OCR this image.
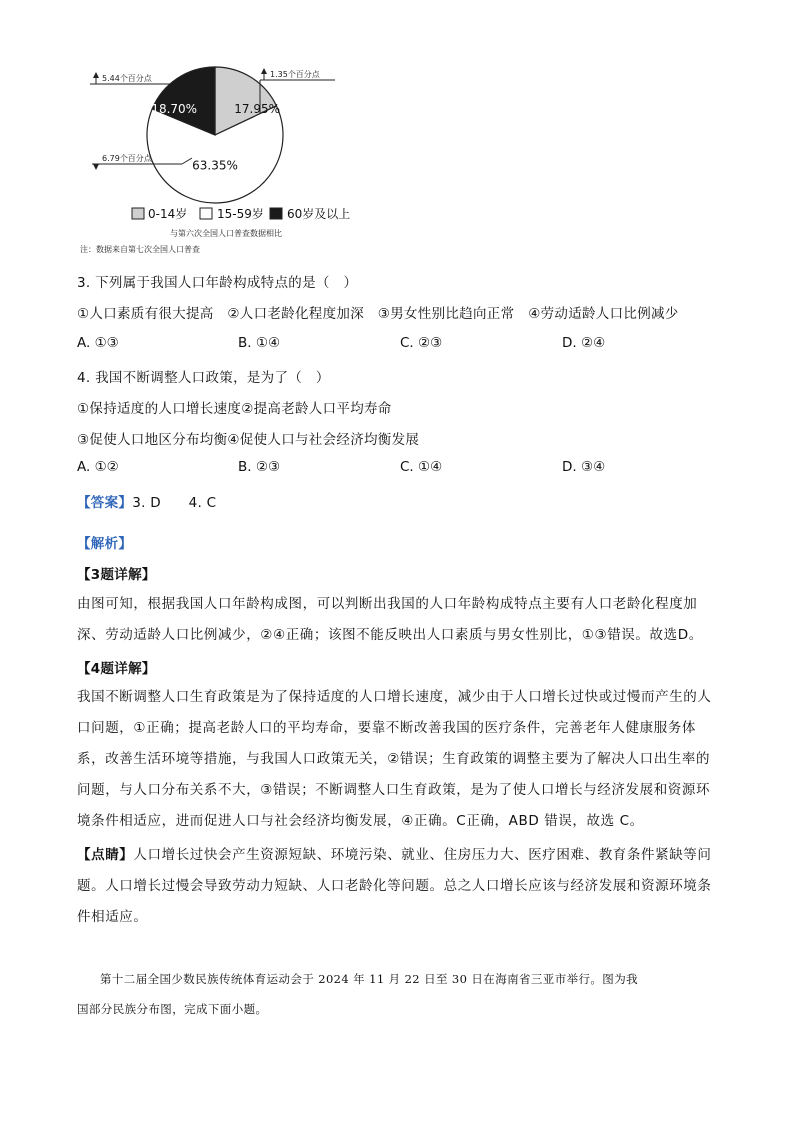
17.95%
63.35%
18.70%
5.44个百分点	1.35个百分点
6.79个百分点
0-14岁 15-59岁 60岁及以上
与第六次全国人口普查数据相比
注：数据来自第七次全国人口普查
3. 下列属于我国人口年龄构成特点的是（　）
①人口素质有很大提高　②人口老龄化程度加深　③男女性别比趋向正常　④劳动适龄人口比例减少
A. ①③	B. ①④	C. ②③	D. ②④
4. 我国不断调整人口政策，是为了（　）
①保持适度的人口增长速度②提高老龄人口平均寿命
③促使人口地区分布均衡④促使人口与社会经济均衡发展
A. ①②	B. ②③	C. ①④	D. ③④
【答案】3. D　　4. C
【解析】
【3题详解】
由图可知，根据我国人口年龄构成图，可以判断出我国的人口年龄构成特点主要有人口老龄化程度加
深、劳动适龄人口比例减少，②④正确；该图不能反映出人口素质与男女性别比，①③错误。故选D。
【4题详解】
我国不断调整人口生育政策是为了保持适度的人口增长速度，减少由于人口增长过快或过慢而产生的人
口问题，①正确；提高老龄人口的平均寿命，要靠不断改善我国的医疗条件，完善老年人健康服务体
系，改善生活环境等措施，与我国人口政策无关，②错误；生育政策的调整主要为了解决人口出生率的
问题，与人口分布关系不大，③错误；不断调整人口生育政策，是为了使人口增长与经济发展和资源环
境条件相适应，进而促进人口与社会经济均衡发展，④正确。C正确，ABD 错误，故选 C。
【点睛】人口增长过快会产生资源短缺、环境污染、就业、住房压力大、医疗困难、教育条件紧缺等问
题。人口增长过慢会导致劳动力短缺、人口老龄化等问题。总之人口增长应该与经济发展和资源环境条
件相适应。
第十二届全国少数民族传统体育运动会于 2024 年 11 月 22 日至 30 日在海南省三亚市举行。图为我
国部分民族分布图，完成下面小题。
